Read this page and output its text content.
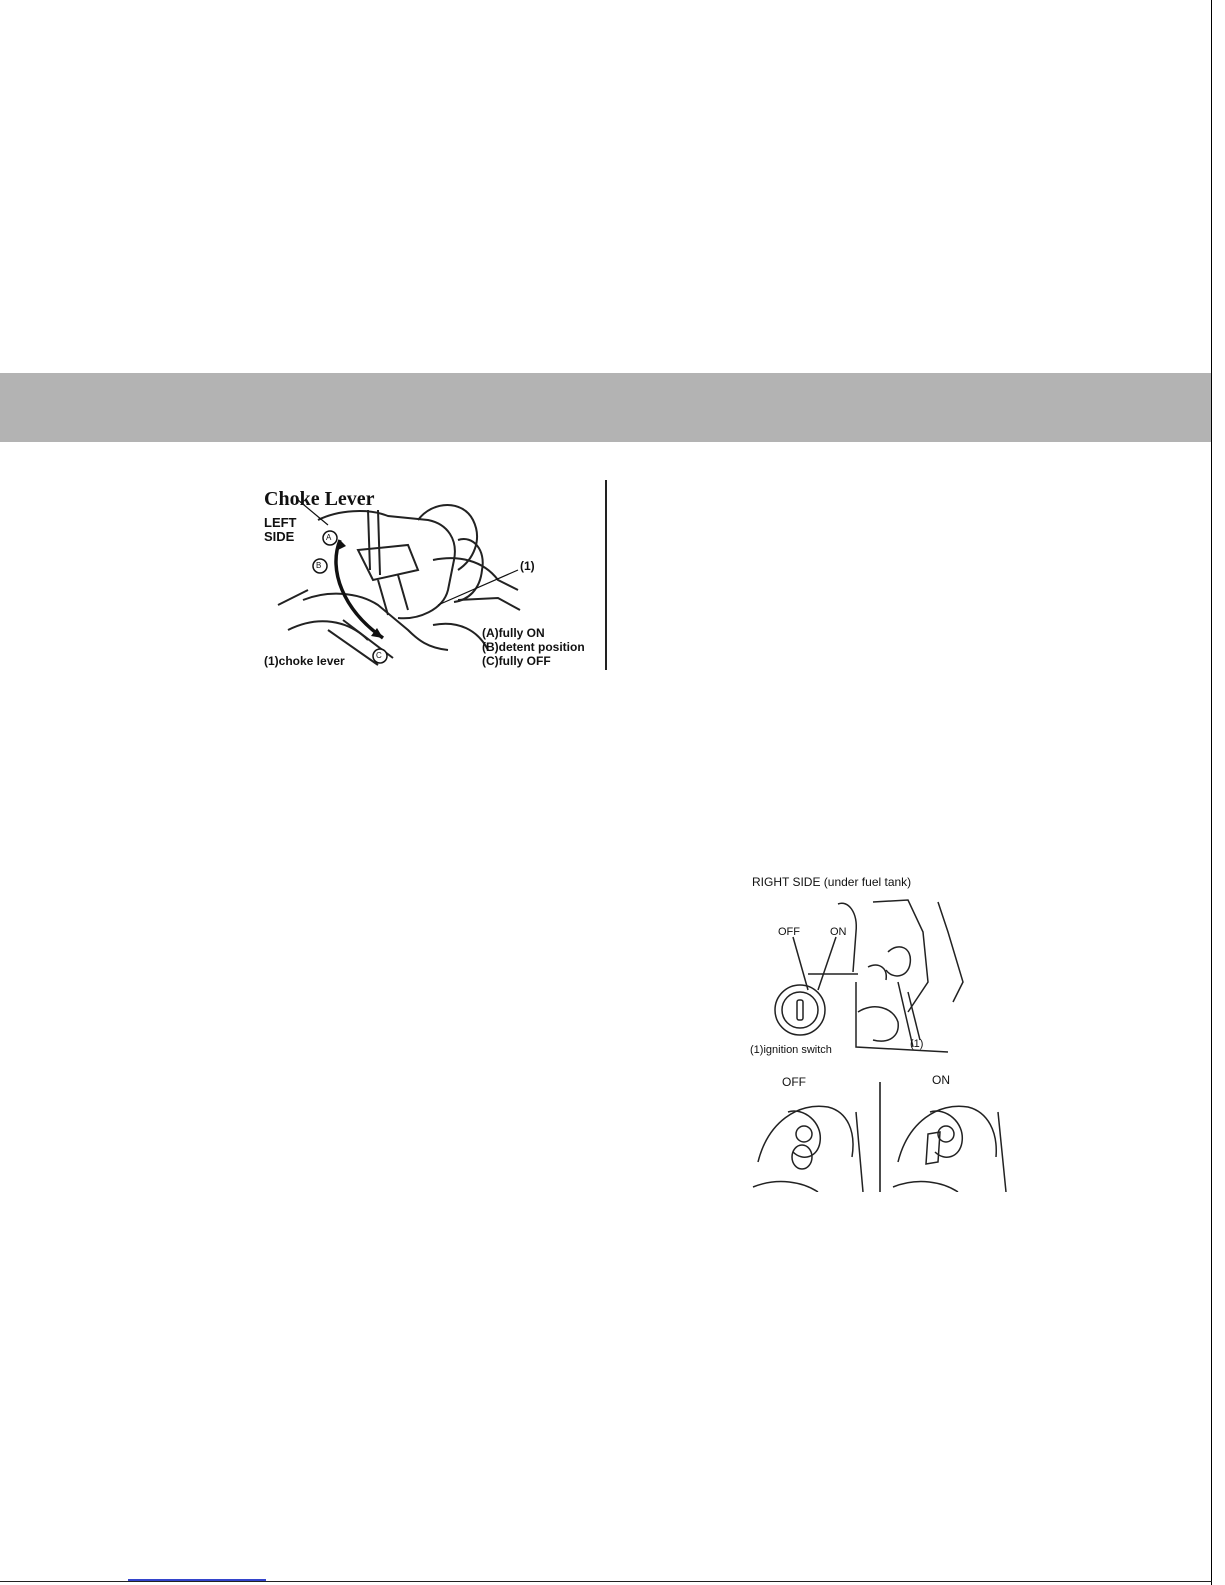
Choke Lever
LEFT
SIDE	A
B
C
(1)
(1)choke lever
(A)fully ON
(B)detent position
(C)fully OFF
RIGHT SIDE (under fuel tank)
OFF	ON
(1)ignition switch	(1)
OFF	ON
